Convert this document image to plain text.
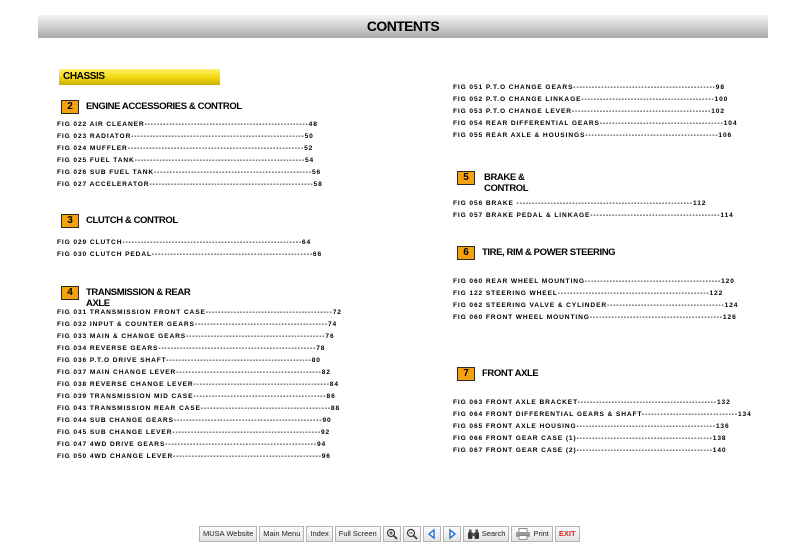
CONTENTS
CHASSIS
2	ENGINE ACCESSORIES & CONTROL
FIG 022 AIR CLEANER-----------------------------------------------------48
FIG 023 RADIATOR--------------------------------------------------------50
FIG 024 MUFFLER---------------------------------------------------------52
FIG 025 FUEL TANK-------------------------------------------------------54
FIG 026 SUB FUEL TANK---------------------------------------------------56
FIG 027 ACCELERATOR-----------------------------------------------------58
3	CLUTCH & CONTROL
FIG 029 CLUTCH----------------------------------------------------------64
FIG 030 CLUTCH PEDAL----------------------------------------------------66
4	TRANSMISSION & REAR
AXLE
FIG 031 TRANSMISSION FRONT CASE-----------------------------------------72
FIG 032 INPUT & COUNTER GEARS-------------------------------------------74
FIG 033 MAIN & CHANGE GEARS---------------------------------------------76
FIG 034 REVERSE GEARS---------------------------------------------------78
FIG 036 P.T.O DRIVE SHAFT-----------------------------------------------80
FIG 037 MAIN CHANGE LEVER-----------------------------------------------82
FIG 038 REVERSE CHANGE LEVER--------------------------------------------84
FIG 039 TRANSMISSION MID CASE-------------------------------------------86
FIG 043 TRANSMISSION REAR CASE------------------------------------------88
FIG 044 SUB CHANGE GEARS------------------------------------------------90
FIG 045 SUB CHANGE LEVER------------------------------------------------92
FIG 047 4WD DRIVE GEARS-------------------------------------------------94
FIG 050 4WD CHANGE LEVER------------------------------------------------96
FIG 051 P.T.O CHANGE GEARS----------------------------------------------98
FIG 052 P.T.O CHANGE LINKAGE-------------------------------------------100
FIG 053 P.T.O CHANGE LEVER---------------------------------------------102
FIG 054 REAR DIFFERENTIAL GEARS----------------------------------------104
FIG 055 REAR AXLE & HOUSINGS-------------------------------------------106
5	BRAKE &
CONTROL
FIG 056 BRAKE ---------------------------------------------------------112
FIG 057 BRAKE PEDAL & LINKAGE------------------------------------------114
6	TIRE, RIM & POWER STEERING
FIG 060 REAR WHEEL MOUNTING--------------------------------------------120
FIG 122 STEERING WHEEL-------------------------------------------------122
FIG 062 STEERING VALVE & CYLINDER--------------------------------------124
FIG 060 FRONT WHEEL MOUNTING-------------------------------------------126
7	FRONT AXLE
FIG 063 FRONT AXLE BRACKET---------------------------------------------132
FIG 064 FRONT DIFFERENTIAL GEARS & SHAFT-------------------------------134
FIG 065 FRONT AXLE HOUSING---------------------------------------------136
FIG 066 FRONT GEAR CASE (1)--------------------------------------------138
FIG 067 FRONT GEAR CASE (2)--------------------------------------------140
MUSA Website	Main Menu	Index	Full Screen	Search	Print	EXIT
